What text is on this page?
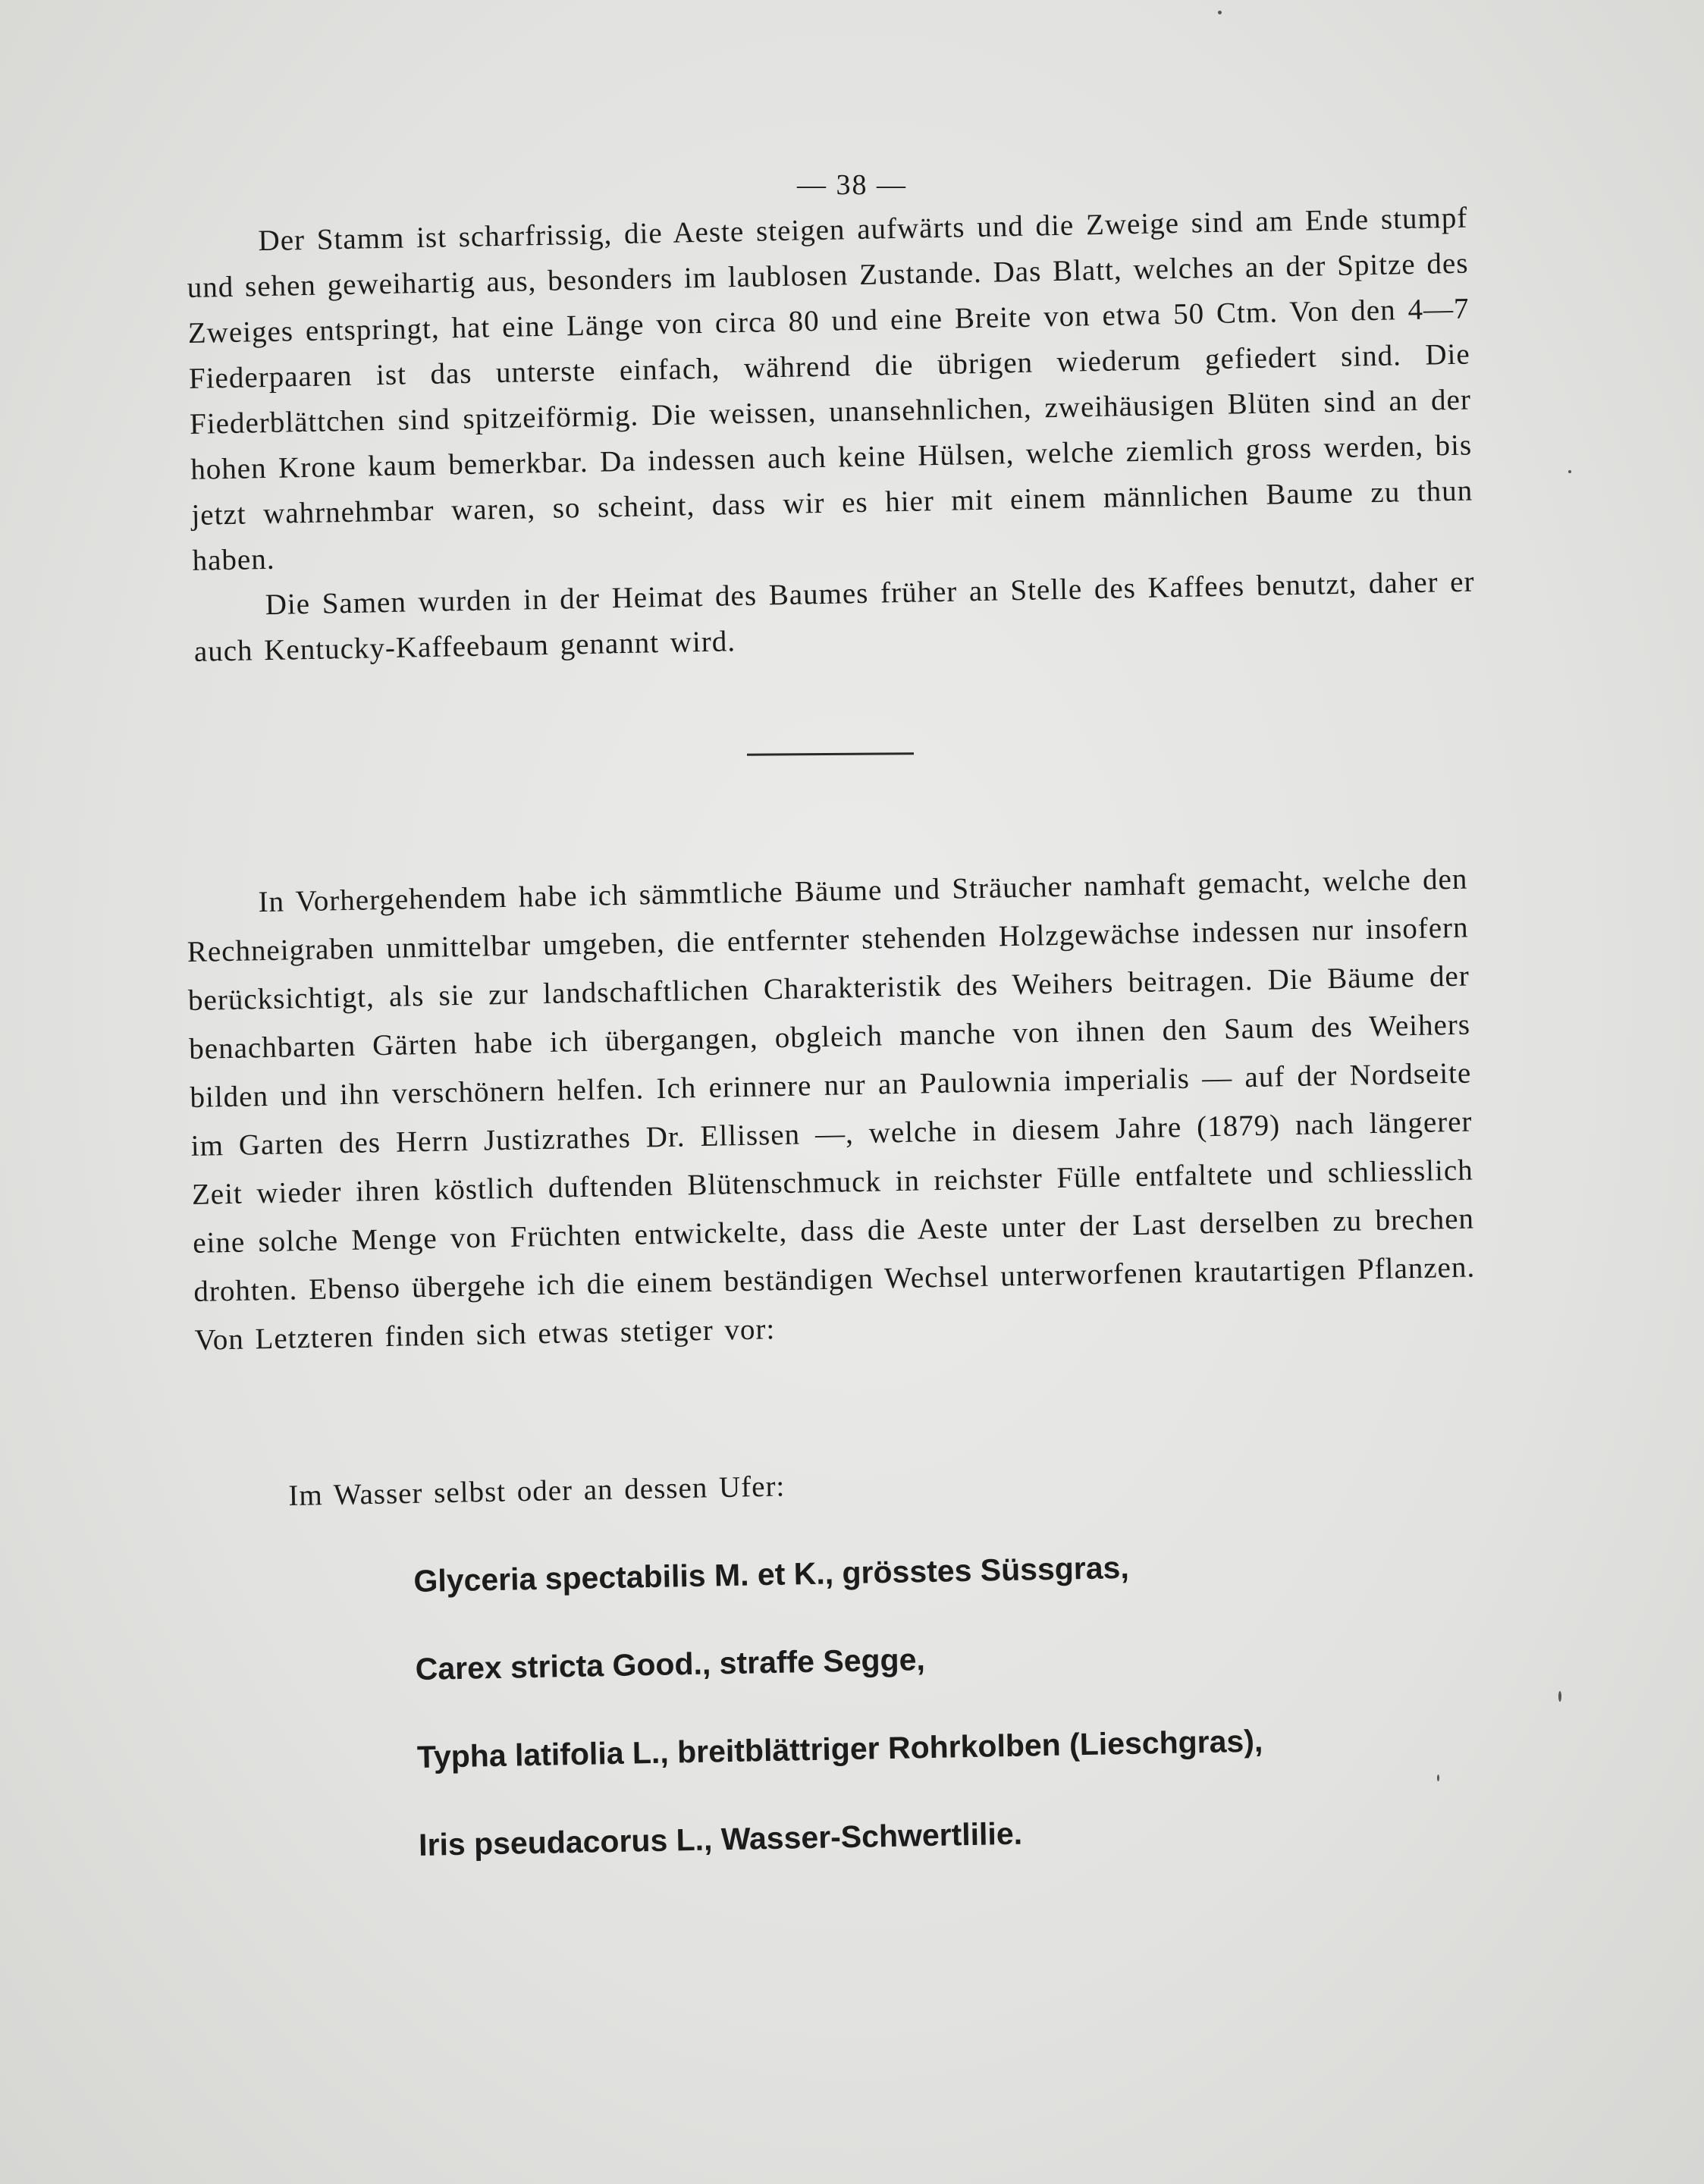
— 38 —

Der Stamm ist scharfrissig, die Aeste steigen aufwärts und die Zweige sind am Ende stumpf und sehen geweihartig aus, besonders im laublosen Zustande. Das Blatt, welches an der Spitze des Zweiges entspringt, hat eine Länge von circa 80 und eine Breite von etwa 50 Ctm. Von den 4—7 Fiederpaaren ist das unterste einfach, während die übrigen wiederum gefiedert sind. Die Fiederblättchen sind spitzeiförmig. Die weissen, unansehnlichen, zweihäusigen Blüten sind an der hohen Krone kaum bemerkbar. Da indessen auch keine Hülsen, welche ziemlich gross werden, bis jetzt wahrnehmbar waren, so scheint, dass wir es hier mit einem männlichen Baume zu thun haben.

Die Samen wurden in der Heimat des Baumes früher an Stelle des Kaffees benutzt, daher er auch Kentucky-Kaffeebaum genannt wird.

In Vorhergehendem habe ich sämmtliche Bäume und Sträucher namhaft gemacht, welche den Rechneigraben unmittelbar umgeben, die entfernter stehenden Holzgewächse indessen nur insofern berücksichtigt, als sie zur landschaftlichen Charakteristik des Weihers beitragen. Die Bäume der benachbarten Gärten habe ich übergangen, obgleich manche von ihnen den Saum des Weihers bilden und ihn verschönern helfen. Ich erinnere nur an Paulownia imperialis — auf der Nordseite im Garten des Herrn Justizrathes Dr. Ellissen —, welche in diesem Jahre (1879) nach längerer Zeit wieder ihren köstlich duftenden Blütenschmuck in reichster Fülle entfaltete und schliesslich eine solche Menge von Früchten entwickelte, dass die Aeste unter der Last derselben zu brechen drohten. Ebenso übergehe ich die einem beständigen Wechsel unterworfenen krautartigen Pflanzen. Von Letzteren finden sich etwas stetiger vor:

Im Wasser selbst oder an dessen Ufer:
Glyceria spectabilis M. et K., grösstes Süssgras,
Carex stricta Good., straffe Segge,
Typha latifolia L., breitblättriger Rohrkolben (Lieschgras),
Iris pseudacorus L., Wasser-Schwertlilie.
